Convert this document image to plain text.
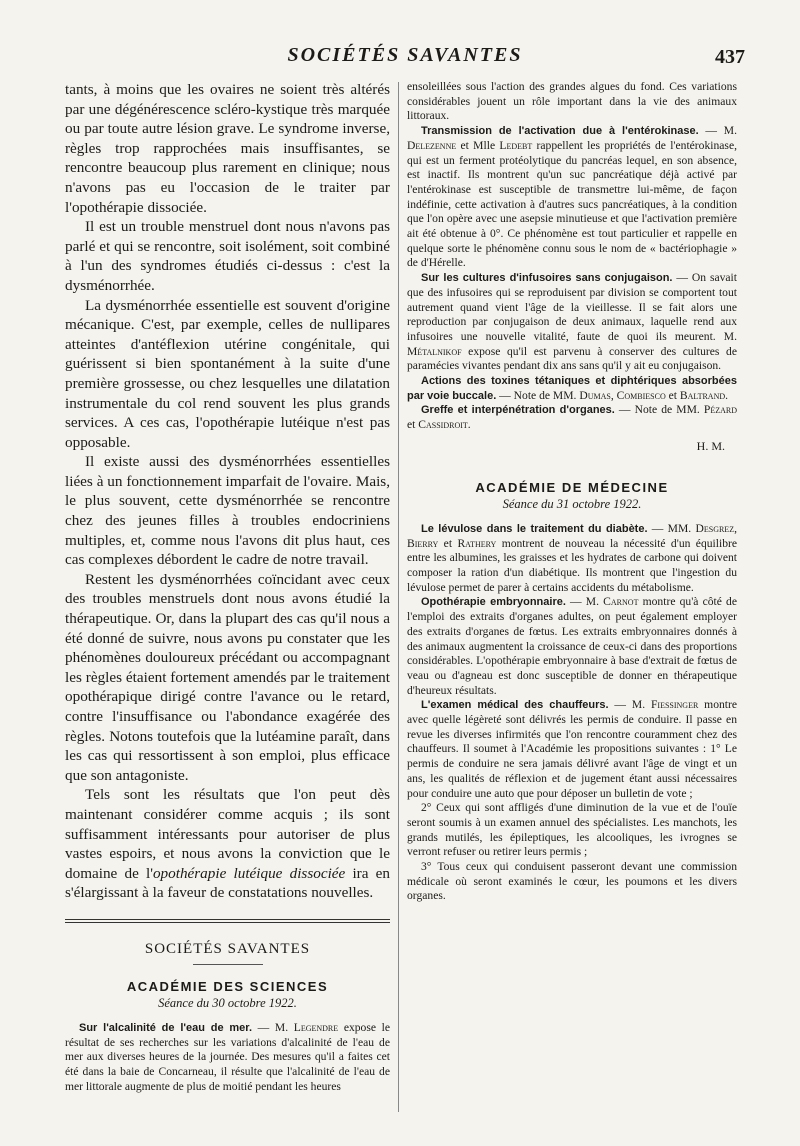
SOCIÉTÉS SAVANTES	437

tants, à moins que les ovaires ne soient très altérés par une dégénérescence scléro-kystique très marquée ou par toute autre lésion grave. Le syndrome inverse, règles trop rapprochées mais insuffisantes, se rencontre beaucoup plus rarement en clinique; nous n'avons pas eu l'occasion de le traiter par l'opothérapie dissociée.

Il est un trouble menstruel dont nous n'avons pas parlé et qui se rencontre, soit isolément, soit combiné à l'un des syndromes étudiés ci-dessus : c'est la dysménorrhée.

La dysménorrhée essentielle est souvent d'origine mécanique. C'est, par exemple, celles de nullipares atteintes d'antéflexion utérine congénitale, qui guérissent si bien spontanément à la suite d'une première grossesse, ou chez lesquelles une dilatation instrumentale du col rend souvent les plus grands services. A ces cas, l'opothérapie lutéique n'est pas opposable.

Il existe aussi des dysménorrhées essentielles liées à un fonctionnement imparfait de l'ovaire. Mais, le plus souvent, cette dysménorrhée se rencontre chez des jeunes filles à troubles endocriniens multiples, et, comme nous l'avons dit plus haut, ces cas complexes débordent le cadre de notre travail.

Restent les dysménorrhées coïncidant avec ceux des troubles menstruels dont nous avons étudié la thérapeutique. Or, dans la plupart des cas qu'il nous a été donné de suivre, nous avons pu constater que les phénomènes douloureux précédant ou accompagnant les règles étaient fortement amendés par le traitement opothérapique dirigé contre l'avance ou le retard, contre l'insuffisance ou l'abondance exagérée des règles. Notons toutefois que la lutéamine paraît, dans les cas qui ressortissent à son emploi, plus efficace que son antagoniste.

Tels sont les résultats que l'on peut dès maintenant considérer comme acquis ; ils sont suffisamment intéressants pour autoriser de plus vastes espoirs, et nous avons la conviction que le domaine de l'opothérapie lutéique dissociée ira en s'élargissant à la faveur de constatations nouvelles.

SOCIÉTÉS SAVANTES
ACADÉMIE DES SCIENCES
Séance du 30 octobre 1922.

Sur l'alcalinité de l'eau de mer. — M. Legendre expose le résultat de ses recherches sur les variations d'alcalinité de l'eau de mer aux diverses heures de la journée. Des mesures qu'il a faites cet été dans la baie de Concarneau, il résulte que l'alcalinité de l'eau de mer littorale augmente de plus de moitié pendant les heures

ensoleillées sous l'action des grandes algues du fond. Ces variations considérables jouent un rôle important dans la vie des animaux littoraux.

Transmission de l'activation due à l'entérokinase. — M. Delezenne et Mlle Ledebt rappellent les propriétés de l'entérokinase, qui est un ferment protéolytique du pancréas lequel, en son absence, est inactif. Ils montrent qu'un suc pancréatique déjà activé par l'entérokinase est susceptible de transmettre lui-même, de façon indéfinie, cette activation à d'autres sucs pancréatiques, à la condition que l'on opère avec une asepsie minutieuse et que l'activation première ait été obtenue à 0°. Ce phénomène est tout particulier et rappelle en quelque sorte le phénomène connu sous le nom de « bactériophagie » de d'Hérelle.

Sur les cultures d'infusoires sans conjugaison. — On savait que des infusoires qui se reproduisent par division se comportent tout autrement quand vient l'âge de la vieillesse. Il se fait alors une reproduction par conjugaison de deux animaux, laquelle rend aux infusoires une nouvelle vitalité, faute de quoi ils meurent. M. Métalnikof expose qu'il est parvenu à conserver des cultures de paramécies vivantes pendant dix ans sans qu'il y ait eu conjugaison.

Actions des toxines tétaniques et diphtériques absorbées par voie buccale. — Note de MM. Dumas, Combiesco et Baltrand.

Greffe et interpénétration d'organes. — Note de MM. Pézard et Cassidroit.

H. M.
ACADÉMIE DE MÉDECINE
Séance du 31 octobre 1922.

Le lévulose dans le traitement du diabète. — MM. Desgrez, Bierry et Rathery montrent de nouveau la nécessité d'un équilibre entre les albumines, les graisses et les hydrates de carbone qui doivent composer la ration d'un diabétique. Ils montrent que l'ingestion du lévulose permet de parer à certains accidents du métabolisme.

Opothérapie embryonnaire. — M. Carnot montre qu'à côté de l'emploi des extraits d'organes adultes, on peut également employer des extraits d'organes de fœtus. Les extraits embryonnaires donnés à des animaux augmentent la croissance de ceux-ci dans des proportions considérables. L'opothérapie embryonnaire à base d'extrait de fœtus de veau ou d'agneau est donc susceptible de donner en thérapeutique d'heureux résultats.

L'examen médical des chauffeurs. — M. Fiessinger montre avec quelle légèreté sont délivrés les permis de conduire. Il passe en revue les diverses infirmités que l'on rencontre couramment chez des chauffeurs. Il soumet à l'Académie les propositions suivantes : 1° Le permis de conduire ne sera jamais délivré avant l'âge de vingt et un ans, les qualités de réflexion et de jugement étant aussi nécessaires pour conduire une auto que pour déposer un bulletin de vote ;

2° Ceux qui sont affligés d'une diminution de la vue et de l'ouïe seront soumis à un examen annuel des spécialistes. Les manchots, les grands mutilés, les épileptiques, les alcooliques, les ivrognes se verront refuser ou retirer leurs permis ;

3° Tous ceux qui conduisent passeront devant une commission médicale où seront examinés le cœur, les poumons et les divers organes.
